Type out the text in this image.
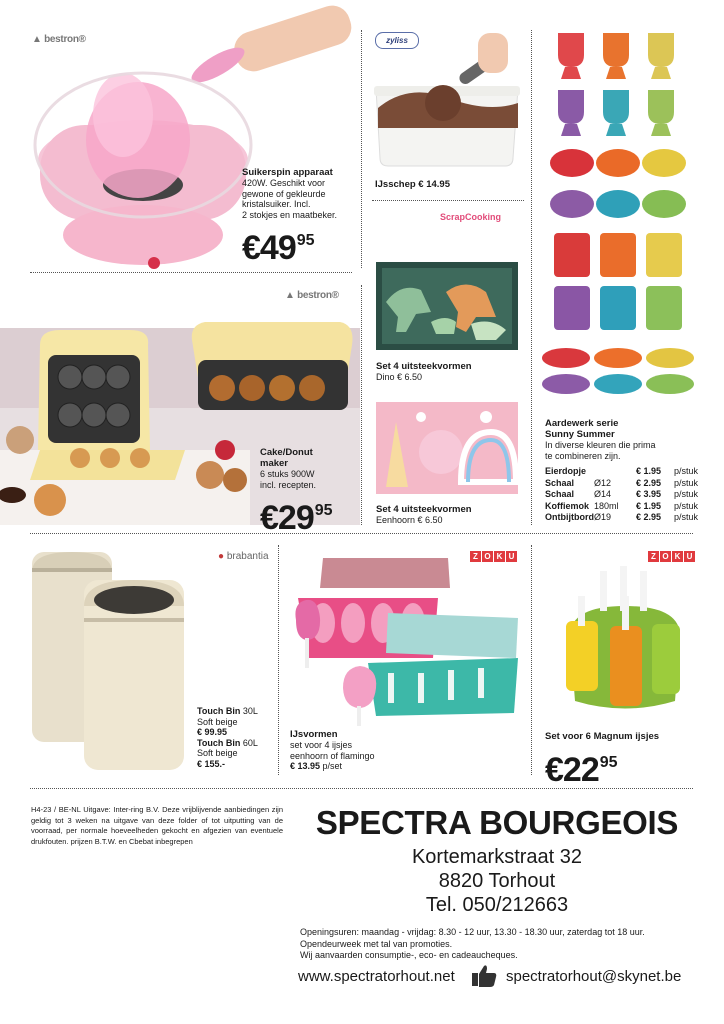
▲ bestron®
Suikerspin apparaat
420W. Geschikt voor
gewone of gekleurde
kristalsuiker. Incl.
2 stokjes en maatbeker.
$€49^{95}$
zyliss
IJsschep € 14.95
ScrapCooking
Set 4 uitsteekvormen
Dino € 6.50
Set 4 uitsteekvormen
Eenhoorn € 6.50
Aardewerk serie
Sunny Summer
In diverse kleuren die prima
te combineren zijn.
Eierdopje		€ 1.95	p/stuk
Schaal	Ø12	€ 2.95	p/stuk
Schaal	Ø14	€ 3.95	p/stuk
Koffiemok	180ml	€ 1.95	p/stuk
Ontbijtbord	Ø19	€ 2.95	p/stuk
▲ bestron®
Cake/Donut
maker
6 stuks 900W
incl. recepten.
$€29^{95}$
● brabantia
Touch Bin 30L
Soft beige
€ 99.95
Touch Bin 60L
Soft beige
€ 155.-
Z O K U
IJsvormen
set voor 4 ijsjes
eenhoorn of flamingo
€ 13.95 p/set
Z O K U
Set voor 6 Magnum ijsjes
$€22^{95}$
H4-23 / BE-NL Uitgave: Inter-ring B.V. Deze vrijblijvende aanbiedingen zijn geldig tot 3 weken na uitgave van deze folder of tot uitputting van de voorraad, per normale hoeveelheden gekocht en afgezien van eventuele drukfouten. prijzen B.T.W. en Cbebat inbegrepen	SPECTRA BOURGEOIS
Kortemarkstraat 32
8820 Torhout
Tel. 050/212663
Openingsuren: maandag - vrijdag: 8.30 - 12 uur, 13.30 - 18.30 uur, zaterdag tot 18 uur.
Opendeurweek met tal van promoties.
Wij aanvaarden consumptie-, eco- en cadeaucheques.
www.spectratorhout.net	spectratorhout@skynet.be
